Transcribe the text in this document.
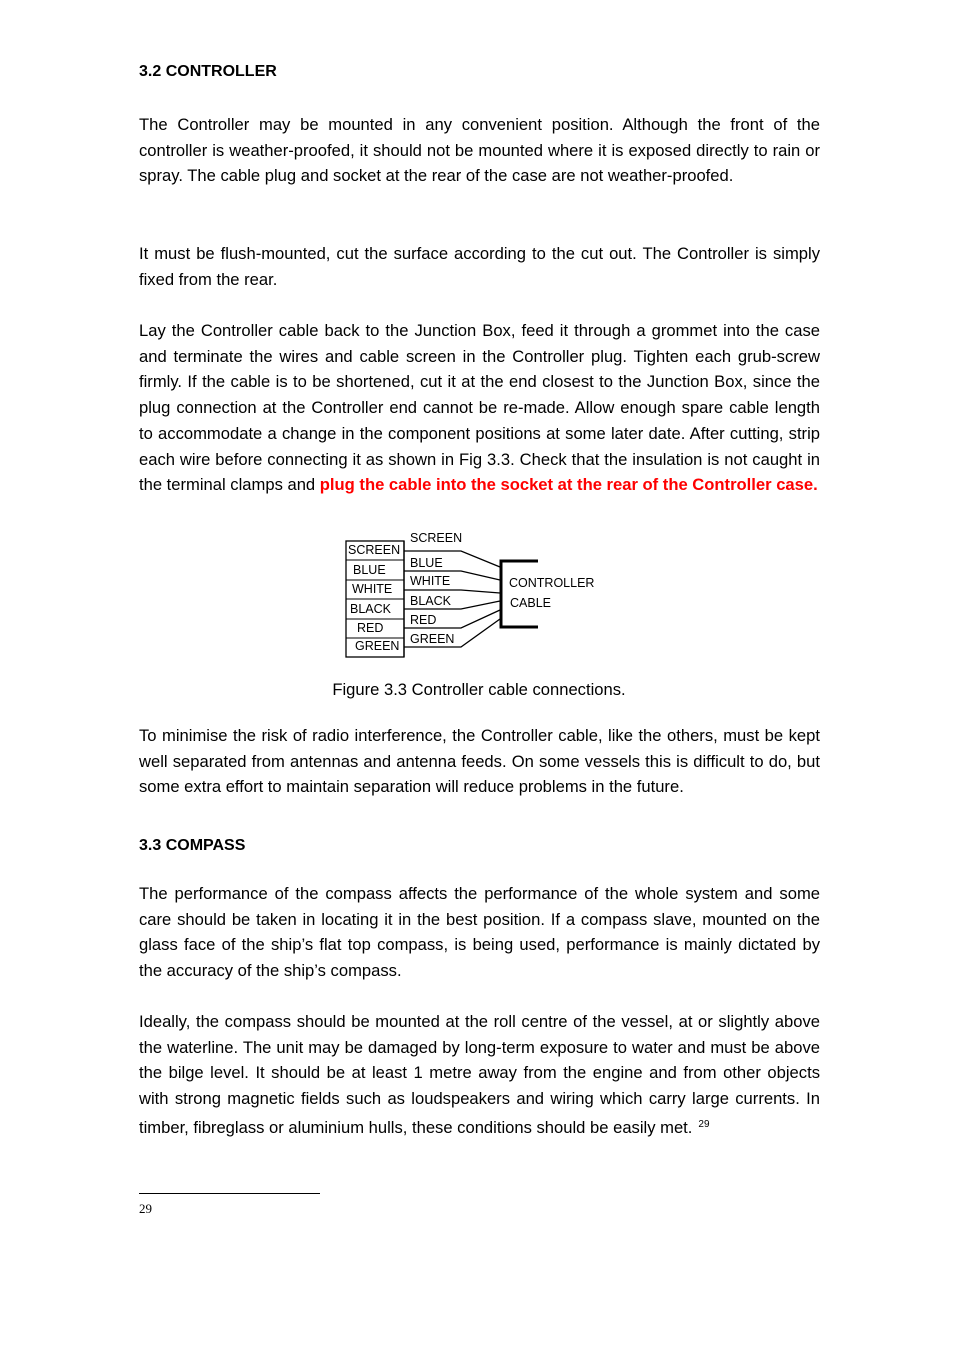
3.2 CONTROLLER

The Controller may be mounted in any convenient position. Although the front of the controller is weather-proofed, it should not be mounted where it is exposed directly to rain or spray. The cable plug and socket at the rear of the case are not weather-proofed.

It must be flush-mounted, cut the surface according to the cut out. The Controller is simply fixed from the rear.

Lay the Controller cable back to the Junction Box, feed it through a grommet into the case and terminate the wires and cable screen in the Controller plug. Tighten each grub-screw firmly. If the cable is to be shortened, cut it at the end closest to the Junction Box, since the plug connection at the Controller end cannot be re-made. Allow enough spare cable length to accommodate a change in the component positions at some later date. After cutting, strip each wire before connecting it as shown in Fig 3.3. Check that the insulation is not caught in the terminal clamps and plug the cable into the socket at the rear of the Controller case.

SCREEN
BLUE
WHITE
BLACK
RED
GREEN
SCREEN
BLUE
WHITE
BLACK
RED
GREEN
CONTROLLER
CABLE

Figure 3.3 Controller cable connections.

To minimise the risk of radio interference, the Controller cable, like the others, must be kept well separated from antennas and antenna feeds. On some vessels this is difficult to do, but some extra effort to maintain separation will reduce problems in the future.

3.3 COMPASS

The performance of the compass affects the performance of the whole system and some care should be taken in locating it in the best position. If a compass slave, mounted on the glass face of the ship’s flat top compass, is being used, performance is mainly dictated by the accuracy of the ship’s compass.

Ideally, the compass should be mounted at the roll centre of the vessel, at or slightly above the waterline. The unit may be damaged by long-term exposure to water and must be above the bilge level. It should be at least 1 metre away from the engine and from other objects with strong magnetic fields such as loudspeakers and wiring which carry large currents. In timber, fibreglass or aluminium hulls, these conditions should be easily met. $^{29}$

29
